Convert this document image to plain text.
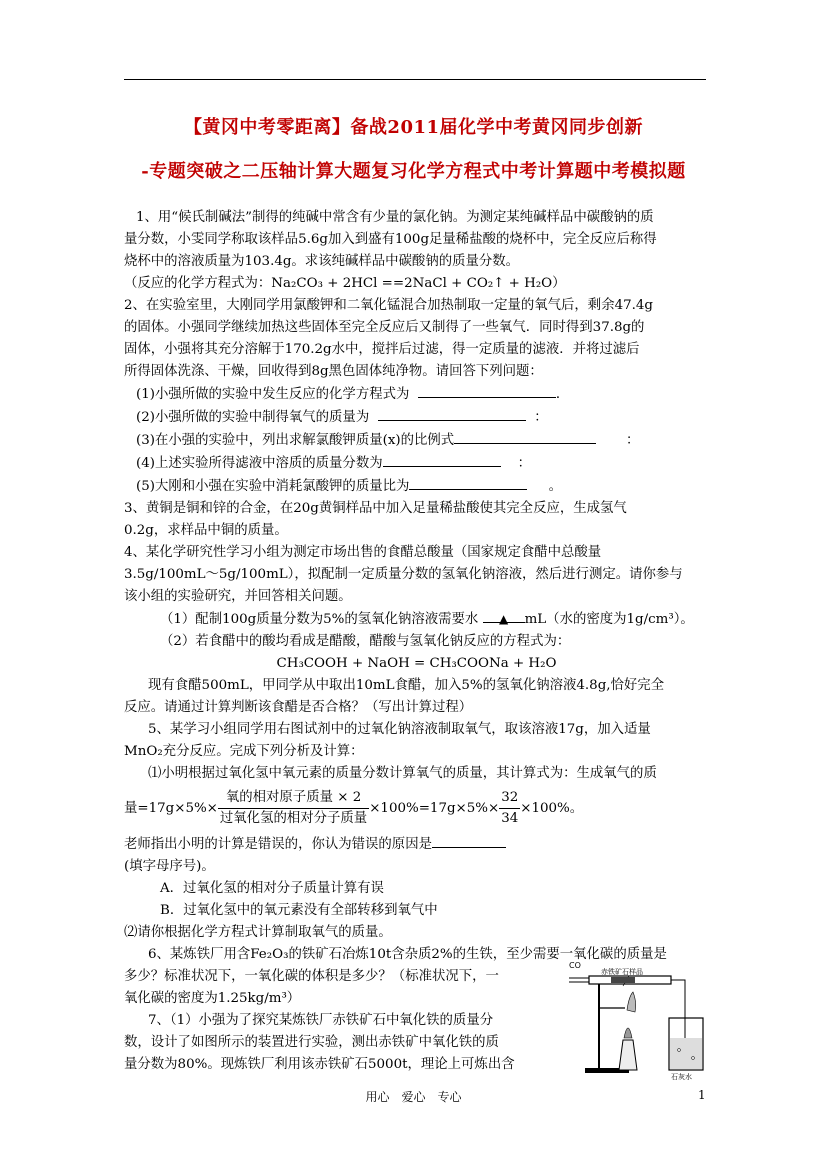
【黄冈中考零距离】备战2011届化学中考黄冈同步创新
-专题突破之二压轴计算大题复习化学方程式中考计算题中考模拟题

1、用“候氏制碱法”制得的纯碱中常含有少量的氯化钠。为测定某纯碱样品中碳酸钠的质

量分数，小雯同学称取该样品5.6g加入到盛有100g足量稀盐酸的烧杯中，完全反应后称得

烧杯中的溶液质量为103.4g。求该纯碱样品中碳酸钠的质量分数。

（反应的化学方程式为：Na₂CO₃ + 2HCl ==2NaCl + CO₂↑ + H₂O）

2、在实验室里，大刚同学用氯酸钾和二氧化锰混合加热制取一定量的氧气后，剩余47.4g

的固体。小强同学继续加热这些固体至完全反应后又制得了一些氧气．同时得到37.8g的

固体，小强将其充分溶解于170.2g水中，搅拌后过滤，得一定质量的滤液．并将过滤后

所得固体洗涤、干燥，回收得到8g黑色固体纯净物。请回答下列问题：

(1)小强所做的实验中发生反应的化学方程式为	．

(2)小强所做的实验中制得氧气的质量为	：

(3)在小强的实验中，列出求解氯酸钾质量(x)的比例式	：

(4)上述实验所得滤液中溶质的质量分数为	：

(5)大刚和小强在实验中消耗氯酸钾的质量比为	。

3、黄铜是铜和锌的合金，在20g黄铜样品中加入足量稀盐酸使其完全反应，生成氢气

0.2g，求样品中铜的质量。

4、某化学研究性学习小组为测定市场出售的食醋总酸量（国家规定食醋中总酸量

3.5g/100mL～5g/100mL），拟配制一定质量分数的氢氧化钠溶液，然后进行测定。请你参与

该小组的实验研究，并回答相关问题。

（1）配制100g质量分数为5%的氢氧化钠溶液需要水 ▲ mL（水的密度为1g/cm³）。

（2）若食醋中的酸均看成是醋酸，醋酸与氢氧化钠反应的方程式为：

CH₃COOH + NaOH = CH₃COONa + H₂O

现有食醋500mL，甲同学从中取出10mL食醋，加入5%的氢氧化钠溶液4.8g,恰好完全

反应。请通过计算判断该食醋是否合格？（写出计算过程）

5、某学习小组同学用右图试剂中的过氧化钠溶液制取氧气，取该溶液17g，加入适量

MnO₂充分反应。完成下列分析及计算：

⑴小明根据过氧化氢中氧元素的质量分数计算氧气的质量，其计算式为：生成氧气的质

量$=17g\times 5\%\times \frac{\text{氧的相对原子质量 × 2}}{\text{过氧化氢的相对分子质量}} \times 100\%=17g\times 5\%\times \frac{32}{34} \times 100\%$。

老师指出小明的计算是错误的，你认为错误的原因是

(填字母序号)。

A．过氧化氢的相对分子质量计算有误

B．过氧化氢中的氧元素没有全部转移到氧气中

⑵请你根据化学方程式计算制取氧气的质量。

6、某炼铁厂用含Fe₂O₃的铁矿石冶炼10t含杂质2%的生铁，至少需要一氧化碳的质量是

多少？标准状况下，一氧化碳的体积是多少？（标准状况下，一

氧化碳的密度为1.25kg/m³）

7、（1）小强为了探究某炼铁厂赤铁矿石中氧化铁的质量分

数，设计了如图所示的装置进行实验，测出赤铁矿中氧化铁的质

量分数为80%。现炼铁厂利用该赤铁矿石5000t，理论上可炼出含

CO
赤铁矿石样品
石灰水
用心　爱心　专心	1
